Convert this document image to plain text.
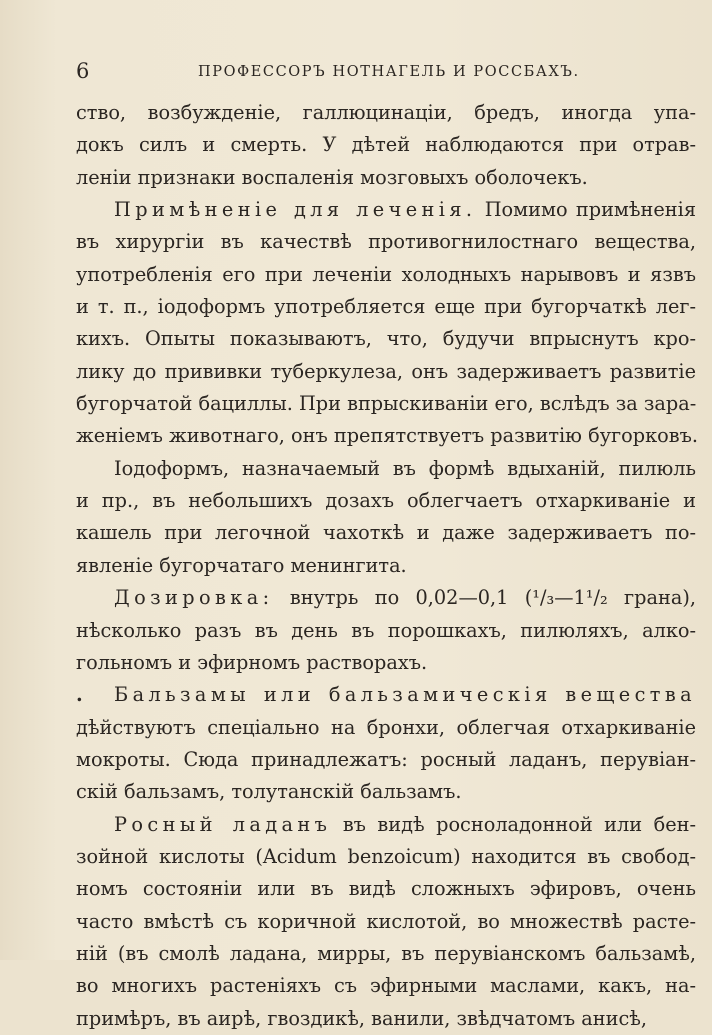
6	ПРОФЕССОРЪ НОТНАГЕЛЬ И РОССБАХЪ.
ство, возбужденіе, галлюцинаціи, бредъ, иногда упа-
докъ силъ и смерть. У дѣтей наблюдаются при отрав-
леніи признаки воспаленія мозговыхъ оболочекъ.
Примѣненіе для леченія. Помимо примѣненія
въ хирургіи въ качествѣ противогнилостнаго вещества,
употребленія его при леченіи холодныхъ нарывовъ и язвъ
и т. п., іодоформъ употребляется еще при бугорчаткѣ лег-
кихъ. Опыты показываютъ, что, будучи впрыснутъ кро-
лику до прививки туберкулеза, онъ задерживаетъ развитіе
бугорчатой бациллы. При впрыскиваніи его, вслѣдъ за зара-
женіемъ животнаго, онъ препятствуетъ развитію бугорковъ.
Іодоформъ, назначаемый въ формѣ вдыханій, пилюль
и пр., въ небольшихъ дозахъ облегчаетъ отхаркиваніе и
кашель при легочной чахоткѣ и даже задерживаетъ по-
явленіе бугорчатаго менингита.
Дозировка: внутрь по 0,02—0,1 (¹/₃—1¹/₂ грана),
нѣсколько разъ въ день въ порошкахъ, пилюляхъ, алко-
гольномъ и эфирномъ растворахъ.
. Бальзамы или бальзамическія вещества
дѣйствуютъ спеціально на бронхи, облегчая отхаркиваніе
мокроты. Сюда принадлежатъ: росный ладанъ, перувіан-
скій бальзамъ, толутанскій бальзамъ.
Росный ладанъ въ видѣ росноладонной или бен-
зойной кислоты (Acidum benzoicum) находится въ свобод-
номъ состояніи или въ видѣ сложныхъ эфировъ, очень
часто вмѣстѣ съ коричной кислотой, во множествѣ расте-
ній (въ смолѣ ладана, мирры, въ перувіанскомъ бальзамѣ,
во многихъ растеніяхъ съ эфирными маслами, какъ, на-
примѣръ, въ аирѣ, гвоздикѣ, ванили, звѣдчатомъ анисѣ,
